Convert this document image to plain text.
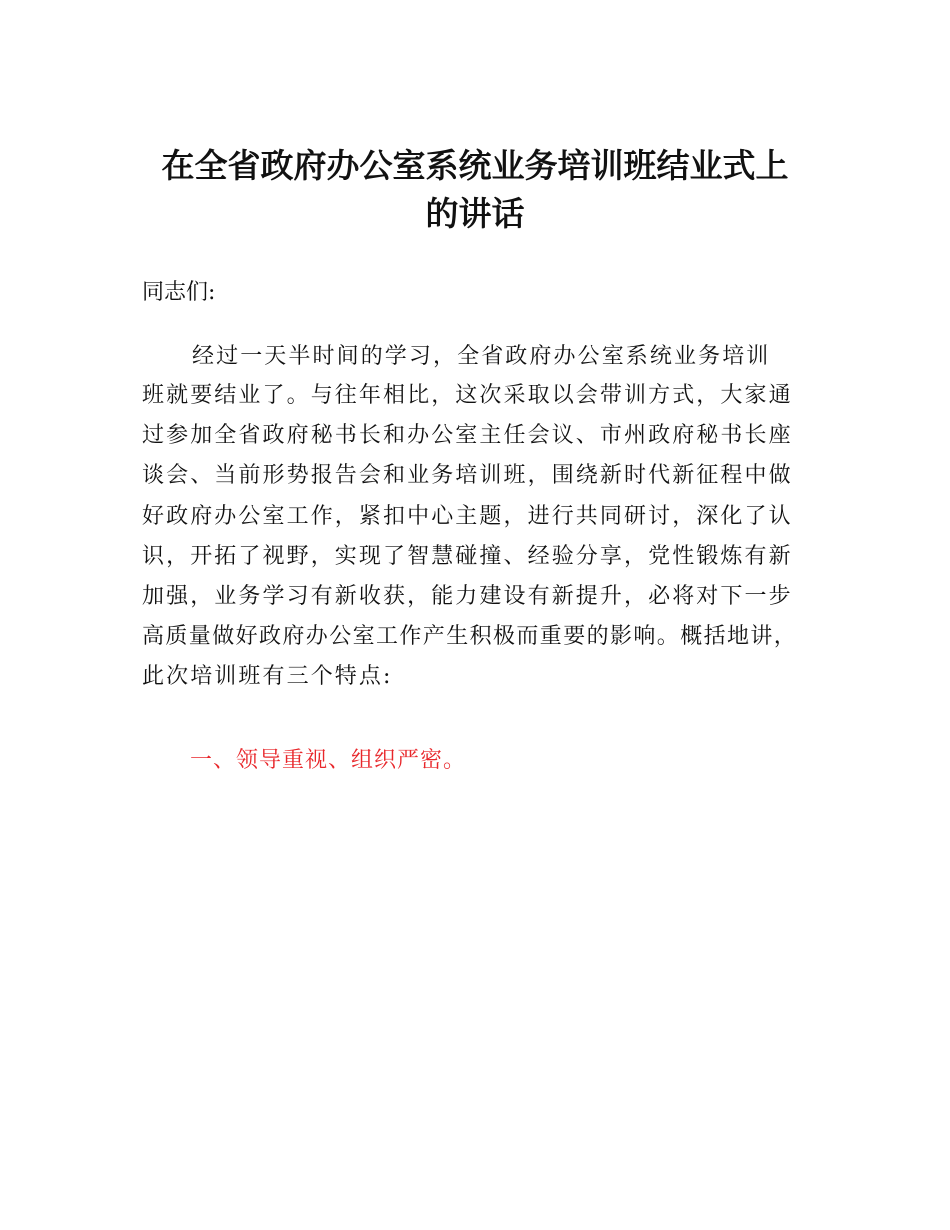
在全省政府办公室系统业务培训班结业式上
的讲话

同志们:

经过一天半时间的学习，全省政府办公室系统业务培训

班就要结业了。与往年相比，这次采取以会带训方式，大家通

过参加全省政府秘书长和办公室主任会议、市州政府秘书长座

谈会、当前形势报告会和业务培训班，围绕新时代新征程中做

好政府办公室工作，紧扣中心主题，进行共同研讨，深化了认

识，开拓了视野，实现了智慧碰撞、经验分享，党性锻炼有新

加强，业务学习有新收获，能力建设有新提升，必将对下一步

高质量做好政府办公室工作产生积极而重要的影响。概括地讲，

此次培训班有三个特点:

一、领导重视、组织严密。
